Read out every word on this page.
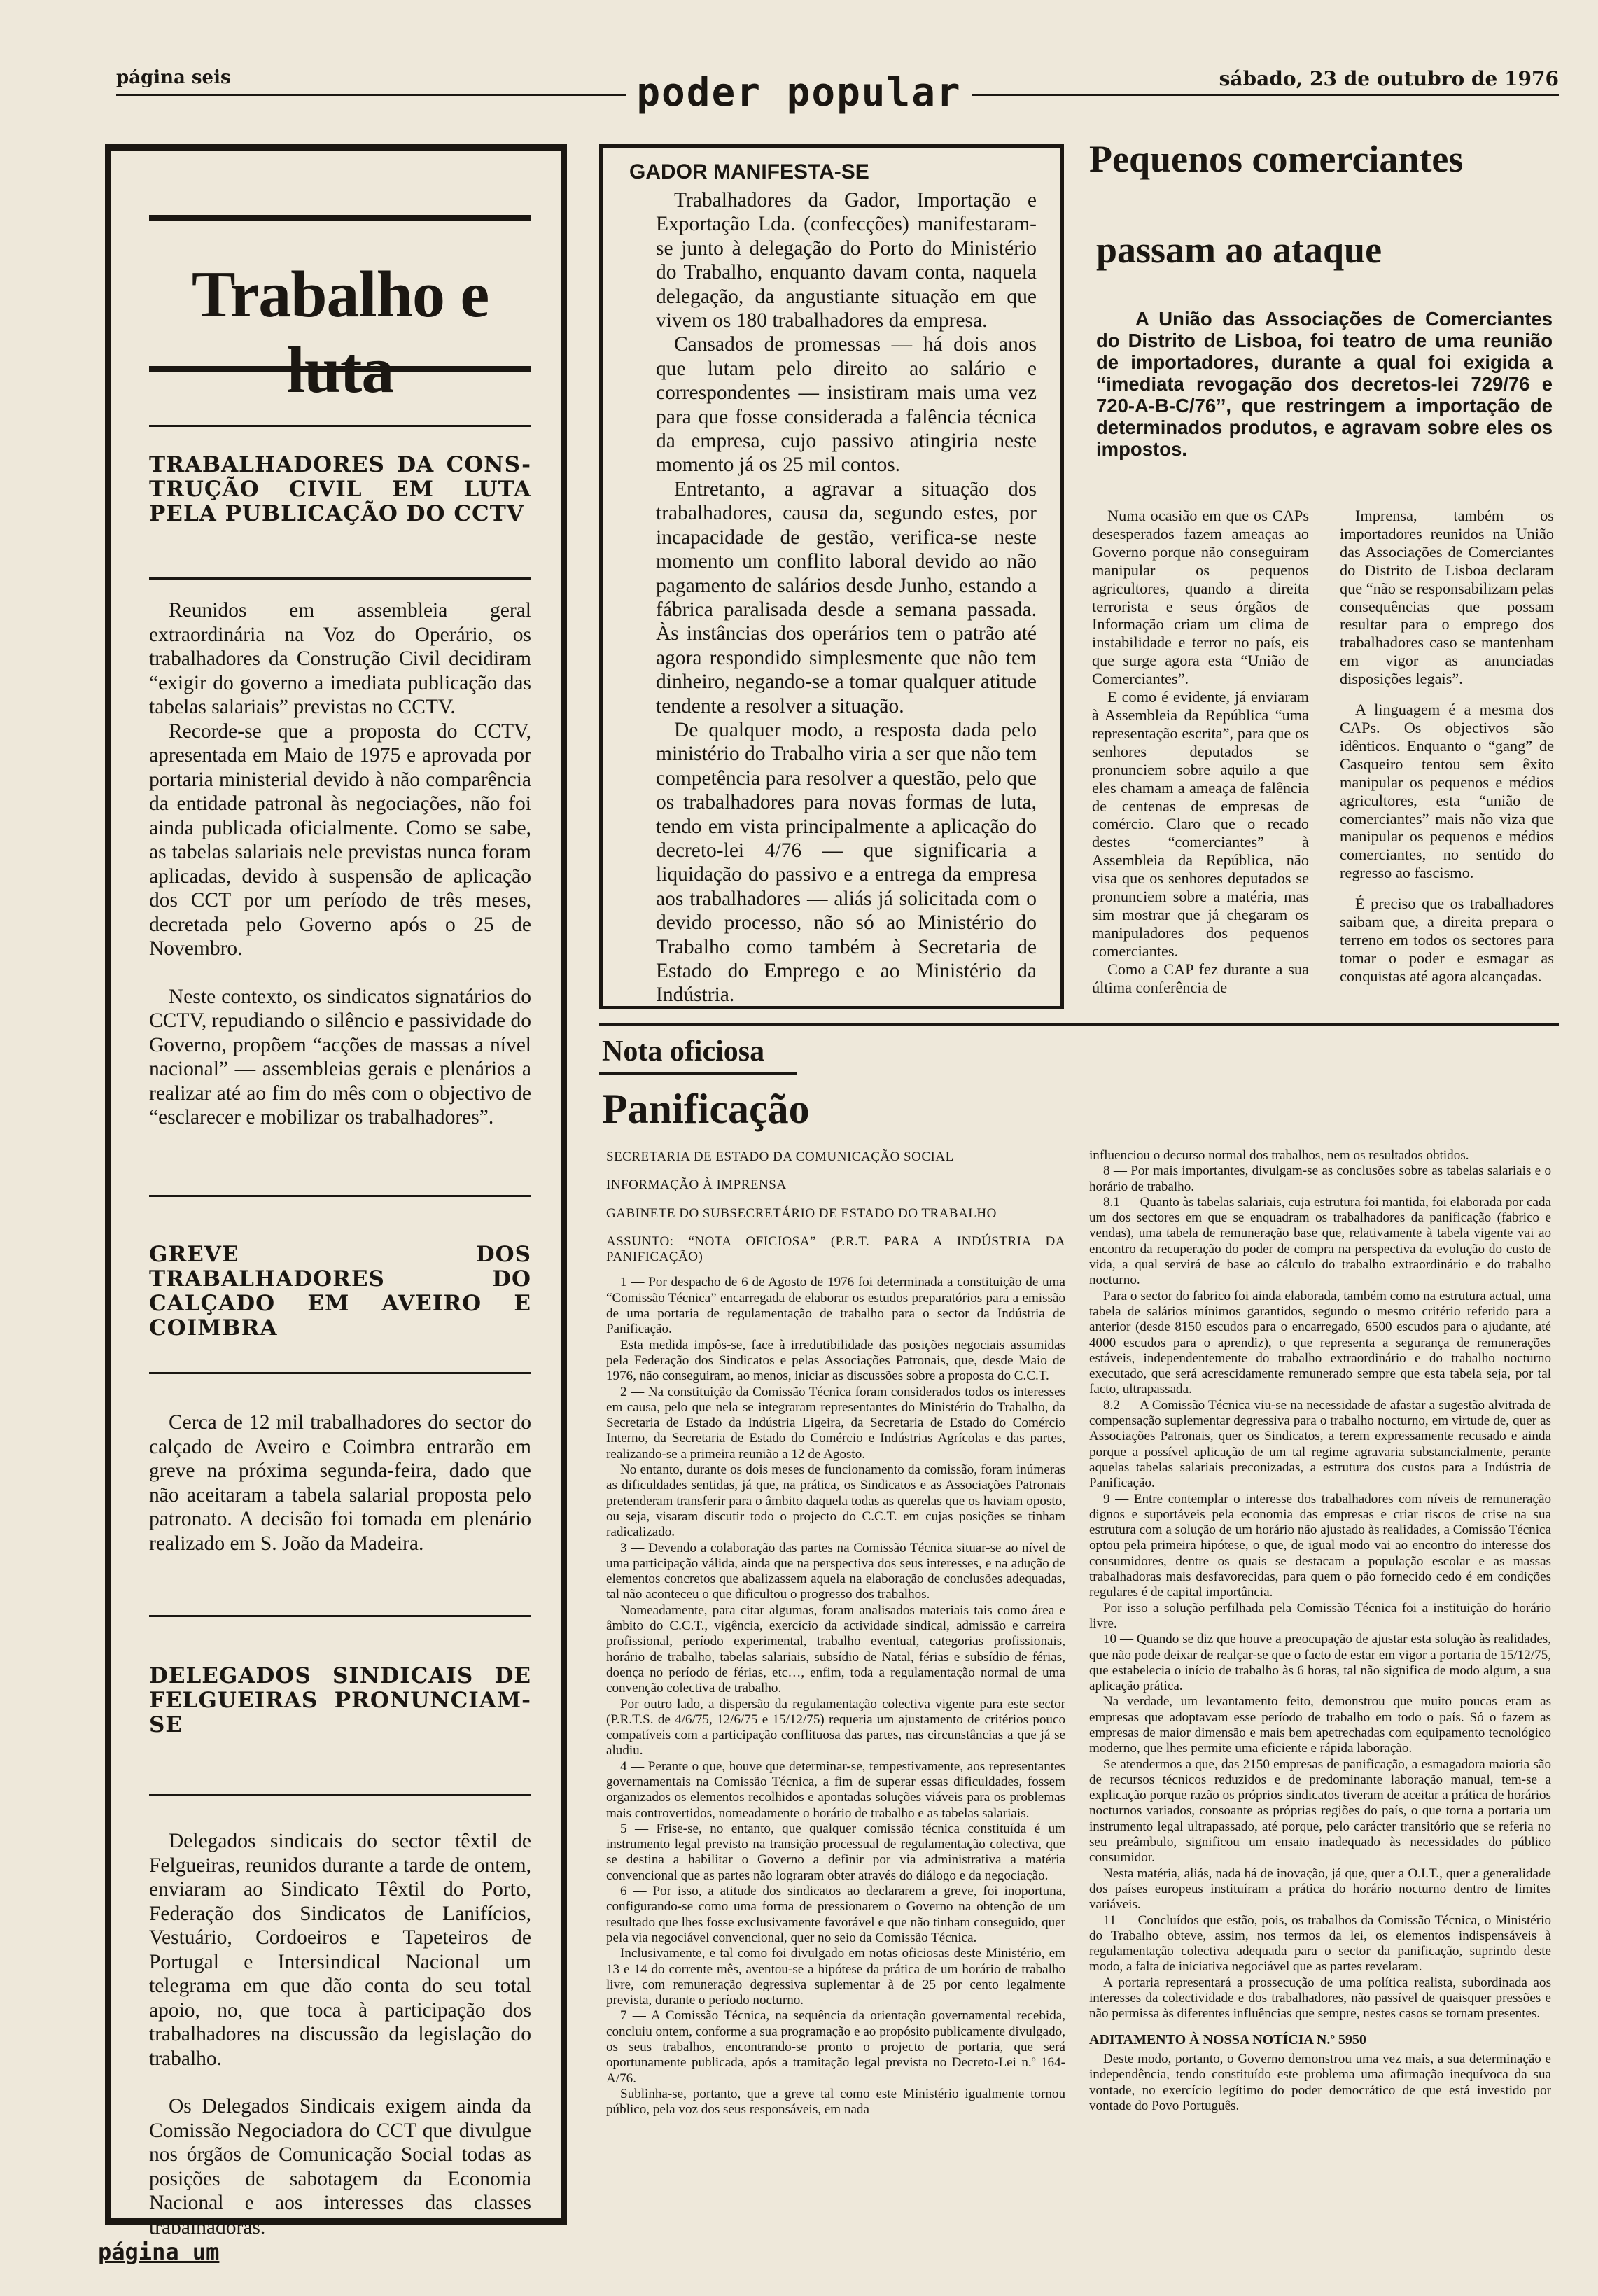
página seis	poder popular	sábado, 23 de outubro de 1976
Trabalho e luta
TRABALHADORES DA CONS-TRUÇÃO CIVIL EM LUTA PELA PUBLICAÇÃO DO CCTV

Reunidos em assembleia geral extraordinária na Voz do Operário, os trabalhadores da Construção Civil decidiram “exigir do governo a imediata publicação das tabelas salariais” previstas no CCTV.

Recorde-se que a proposta do CCTV, apresentada em Maio de 1975 e aprovada por portaria ministerial devido à não comparência da entidade patronal às negociações, não foi ainda publicada oficialmente. Como se sabe, as tabelas salariais nele previstas nunca foram aplicadas, devido à suspensão de aplicação dos CCT por um período de três meses, decretada pelo Governo após o 25 de Novembro.

Neste contexto, os sindicatos signatários do CCTV, repudiando o silêncio e passividade do Governo, propõem “acções de massas a nível nacional” — assembleias gerais e plenários a realizar até ao fim do mês com o objectivo de “esclarecer e mobilizar os trabalhadores”.

GREVE DOS TRABALHADORES DO CALÇADO EM AVEIRO E COIMBRA

Cerca de 12 mil trabalhadores do sector do calçado de Aveiro e Coimbra entrarão em greve na próxima segunda-feira, dado que não aceitaram a tabela salarial proposta pelo patronato. A decisão foi tomada em plenário realizado em S. João da Madeira.

DELEGADOS SINDICAIS DE FELGUEIRAS PRONUNCIAM-SE

Delegados sindicais do sector têxtil de Felgueiras, reunidos durante a tarde de ontem, enviaram ao Sindicato Têxtil do Porto, Federação dos Sindicatos de Lanifícios, Vestuário, Cordoeiros e Tapeteiros de Portugal e Intersindical Nacional um telegrama em que dão conta do seu total apoio, no, que toca à participação dos trabalhadores na discussão da legislação do trabalho.

Os Delegados Sindicais exigem ainda da Comissão Negociadora do CCT que divulgue nos órgãos de Comunicação Social todas as posições de sabotagem da Economia Nacional e aos interesses das classes trabalhadoras.

GADOR MANIFESTA-SE

Trabalhadores da Gador, Importação e Exportação Lda. (confecções) manifestaram-se junto à delegação do Porto do Ministério do Trabalho, enquanto davam conta, naquela delegação, da angustiante situação em que vivem os 180 trabalhadores da empresa.

Cansados de promessas — há dois anos que lutam pelo direito ao salário e correspondentes — insistiram mais uma vez para que fosse considerada a falência técnica da empresa, cujo passivo atingiria neste momento já os 25 mil contos.

Entretanto, a agravar a situação dos trabalhadores, causa da, segundo estes, por incapacidade de gestão, verifica-se neste momento um conflito laboral devido ao não pagamento de salários desde Junho, estando a fábrica paralisada desde a semana passada. Às instâncias dos operários tem o patrão até agora respondido simplesmente que não tem dinheiro, negando-se a tomar qualquer atitude tendente a resolver a situação.

De qualquer modo, a resposta dada pelo ministério do Trabalho viria a ser que não tem competência para resolver a questão, pelo que os trabalhadores para novas formas de luta, tendo em vista principalmente a aplicação do decreto-lei 4/76 — que significaria a liquidação do passivo e a entrega da empresa aos trabalhadores — aliás já solicitada com o devido processo, não só ao Ministério do Trabalho como também à Secretaria de Estado do Emprego e ao Ministério da Indústria.

Pequenos comerciantes
passam ao ataque
A União das Associações de Comerciantes do Distrito de Lisboa, foi teatro de uma reunião de importadores, durante a qual foi exigida a ‘‘imediata revogação dos decretos-lei 729/76 e 720-A-B-C/76’’, que restringem a importação de determinados produtos, e agravam sobre eles os impostos.

Numa ocasião em que os CAPs desesperados fazem ameaças ao Governo porque não conseguiram manipular os pequenos agricultores, quando a direita terrorista e seus órgãos de Informação criam um clima de instabilidade e terror no país, eis que surge agora esta “União de Comerciantes”.

E como é evidente, já enviaram à Assembleia da República “uma representação escrita”, para que os senhores deputados se pronunciem sobre aquilo a que eles chamam a ameaça de falência de centenas de empresas de comércio. Claro que o recado destes “comerciantes” à Assembleia da República, não visa que os senhores deputados se pronunciem sobre a matéria, mas sim mostrar que já chegaram os manipuladores dos pequenos comerciantes.

Como a CAP fez durante a sua última conferência de

Imprensa, também os importadores reunidos na União das Associações de Comerciantes do Distrito de Lisboa declaram que “não se responsabilizam pelas consequências que possam resultar para o emprego dos trabalhadores caso se mantenham em vigor as anunciadas disposições legais”.

A linguagem é a mesma dos CAPs. Os objectivos são idênticos. Enquanto o “gang” de Casqueiro tentou sem êxito manipular os pequenos e médios agricultores, esta “união de comerciantes” mais não viza que manipular os pequenos e médios comerciantes, no sentido do regresso ao fascismo.

É preciso que os trabalhadores saibam que, a direita prepara o terreno em todos os sectores para tomar o poder e esmagar as conquistas até agora alcançadas.

Nota oficiosa
Panificação
SECRETARIA DE ESTADO DA COMUNICAÇÃO SOCIAL
INFORMAÇÃO À IMPRENSA
GABINETE DO SUBSECRETÁRIO DE ESTADO DO TRABALHO
ASSUNTO: “NOTA OFICIOSA” (P.R.T. PARA A INDÚSTRIA DA PANIFICAÇÃO)

1 — Por despacho de 6 de Agosto de 1976 foi determinada a constituição de uma “Comissão Técnica” encarregada de elaborar os estudos preparatórios para a emissão de uma portaria de regulamentação de trabalho para o sector da Indústria de Panificação.

Esta medida impôs-se, face à irredutibilidade das posições negociais assumidas pela Federação dos Sindicatos e pelas Associações Patronais, que, desde Maio de 1976, não conseguiram, ao menos, iniciar as discussões sobre a proposta do C.C.T.

2 — Na constituição da Comissão Técnica foram considerados todos os interesses em causa, pelo que nela se integraram representantes do Ministério do Trabalho, da Secretaria de Estado da Indústria Ligeira, da Secretaria de Estado do Comércio Interno, da Secretaria de Estado do Comércio e Indústrias Agrícolas e das partes, realizando-se a primeira reunião a 12 de Agosto.

No entanto, durante os dois meses de funcionamento da comissão, foram inúmeras as dificuldades sentidas, já que, na prática, os Sindicatos e as Associações Patronais pretenderam transferir para o âmbito daquela todas as querelas que os haviam oposto, ou seja, visaram discutir todo o projecto do C.C.T. em cujas posições se tinham radicalizado.

3 — Devendo a colaboração das partes na Comissão Técnica situar-se ao nível de uma participação válida, ainda que na perspectiva dos seus interesses, e na adução de elementos concretos que abalizassem aquela na elaboração de conclusões adequadas, tal não aconteceu o que dificultou o progresso dos trabalhos.

Nomeadamente, para citar algumas, foram analisados materiais tais como área e âmbito do C.C.T., vigência, exercício da actividade sindical, admissão e carreira profissional, período experimental, trabalho eventual, categorias profissionais, horário de trabalho, tabelas salariais, subsídio de Natal, férias e subsídio de férias, doença no período de férias, etc…, enfim, toda a regulamentação normal de uma convenção colectiva de trabalho.

Por outro lado, a dispersão da regulamentação colectiva vigente para este sector (P.R.T.S. de 4/6/75, 12/6/75 e 15/12/75) requeria um ajustamento de critérios pouco compatíveis com a participação conflituosa das partes, nas circunstâncias a que já se aludiu.

4 — Perante o que, houve que determinar-se, tempestivamente, aos representantes governamentais na Comissão Técnica, a fim de superar essas dificuldades, fossem organizados os elementos recolhidos e apontadas soluções viáveis para os problemas mais controvertidos, nomeadamente o horário de trabalho e as tabelas salariais.

5 — Frise-se, no entanto, que qualquer comissão técnica constituída é um instrumento legal previsto na transição processual de regulamentação colectiva, que se destina a habilitar o Governo a definir por via administrativa a matéria convencional que as partes não lograram obter através do diálogo e da negociação.

6 — Por isso, a atitude dos sindicatos ao declararem a greve, foi inoportuna, configurando-se como uma forma de pressionarem o Governo na obtenção de um resultado que lhes fosse exclusivamente favorável e que não tinham conseguido, quer pela via negociável convencional, quer no seio da Comissão Técnica.

Inclusivamente, e tal como foi divulgado em notas oficiosas deste Ministério, em 13 e 14 do corrente mês, aventou-se a hipótese da prática de um horário de trabalho livre, com remuneração degressiva suplementar à de 25 por cento legalmente prevista, durante o período nocturno.

7 — A Comissão Técnica, na sequência da orientação governamental recebida, concluiu ontem, conforme a sua programação e ao propósito publicamente divulgado, os seus trabalhos, encontrando-se pronto o projecto de portaria, que será oportunamente publicada, após a tramitação legal prevista no Decreto-Lei n.º 164-A/76.

Sublinha-se, portanto, que a greve tal como este Ministério igualmente tornou público, pela voz dos seus responsáveis, em nada

influenciou o decurso normal dos trabalhos, nem os resultados obtidos.

8 — Por mais importantes, divulgam-se as conclusões sobre as tabelas salariais e o horário de trabalho.

8.1 — Quanto às tabelas salariais, cuja estrutura foi mantida, foi elaborada por cada um dos sectores em que se enquadram os trabalhadores da panificação (fabrico e vendas), uma tabela de remuneração base que, relativamente à tabela vigente vai ao encontro da recuperação do poder de compra na perspectiva da evolução do custo de vida, a qual servirá de base ao cálculo do trabalho extraordinário e do trabalho nocturno.

Para o sector do fabrico foi ainda elaborada, também como na estrutura actual, uma tabela de salários mínimos garantidos, segundo o mesmo critério referido para a anterior (desde 8150 escudos para o encarregado, 6500 escudos para o ajudante, até 4000 escudos para o aprendiz), o que representa a segurança de remunerações estáveis, independentemente do trabalho extraordinário e do trabalho nocturno executado, que será acrescidamente remunerado sempre que esta tabela seja, por tal facto, ultrapassada.

8.2 — A Comissão Técnica viu-se na necessidade de afastar a sugestão alvitrada de compensação suplementar degressiva para o trabalho nocturno, em virtude de, quer as Associações Patronais, quer os Sindicatos, a terem expressamente recusado e ainda porque a possível aplicação de um tal regime agravaria substancialmente, perante aquelas tabelas salariais preconizadas, a estrutura dos custos para a Indústria de Panificação.

9 — Entre contemplar o interesse dos trabalhadores com níveis de remuneração dignos e suportáveis pela economia das empresas e criar riscos de crise na sua estrutura com a solução de um horário não ajustado às realidades, a Comissão Técnica optou pela primeira hipótese, o que, de igual modo vai ao encontro do interesse dos consumidores, dentre os quais se destacam a população escolar e as massas trabalhadoras mais desfavorecidas, para quem o pão fornecido cedo é em condições regulares é de capital importância.

Por isso a solução perfilhada pela Comissão Técnica foi a instituição do horário livre.

10 — Quando se diz que houve a preocupação de ajustar esta solução às realidades, que não pode deixar de realçar-se que o facto de estar em vigor a portaria de 15/12/75, que estabelecia o início de trabalho às 6 horas, tal não significa de modo algum, a sua aplicação prática.

Na verdade, um levantamento feito, demonstrou que muito poucas eram as empresas que adoptavam esse período de trabalho em todo o país. Só o fazem as empresas de maior dimensão e mais bem apetrechadas com equipamento tecnológico moderno, que lhes permite uma eficiente e rápida laboração.

Se atendermos a que, das 2150 empresas de panificação, a esmagadora maioria são de recursos técnicos reduzidos e de predominante laboração manual, tem-se a explicação porque razão os próprios sindicatos tiveram de aceitar a prática de horários nocturnos variados, consoante as próprias regiões do país, o que torna a portaria um instrumento legal ultrapassado, até porque, pelo carácter transitório que se referia no seu preâmbulo, significou um ensaio inadequado às necessidades do público consumidor.

Nesta matéria, aliás, nada há de inovação, já que, quer a O.I.T., quer a generalidade dos países europeus instituíram a prática do horário nocturno dentro de limites variáveis.

11 — Concluídos que estão, pois, os trabalhos da Comissão Técnica, o Ministério do Trabalho obteve, assim, nos termos da lei, os elementos indispensáveis à regulamentação colectiva adequada para o sector da panificação, suprindo deste modo, a falta de iniciativa negociável que as partes revelaram.

A portaria representará a prossecução de uma política realista, subordinada aos interesses da colectividade e dos trabalhadores, não passível de quaisquer pressões e não permissa às diferentes influências que sempre, nestes casos se tornam presentes.

ADITAMENTO À NOSSA NOTÍCIA N.º 5950

Deste modo, portanto, o Governo demonstrou uma vez mais, a sua determinação e independência, tendo constituído este problema uma afirmação inequívoca da sua vontade, no exercício legítimo do poder democrático de que está investido por vontade do Povo Português.

página um
